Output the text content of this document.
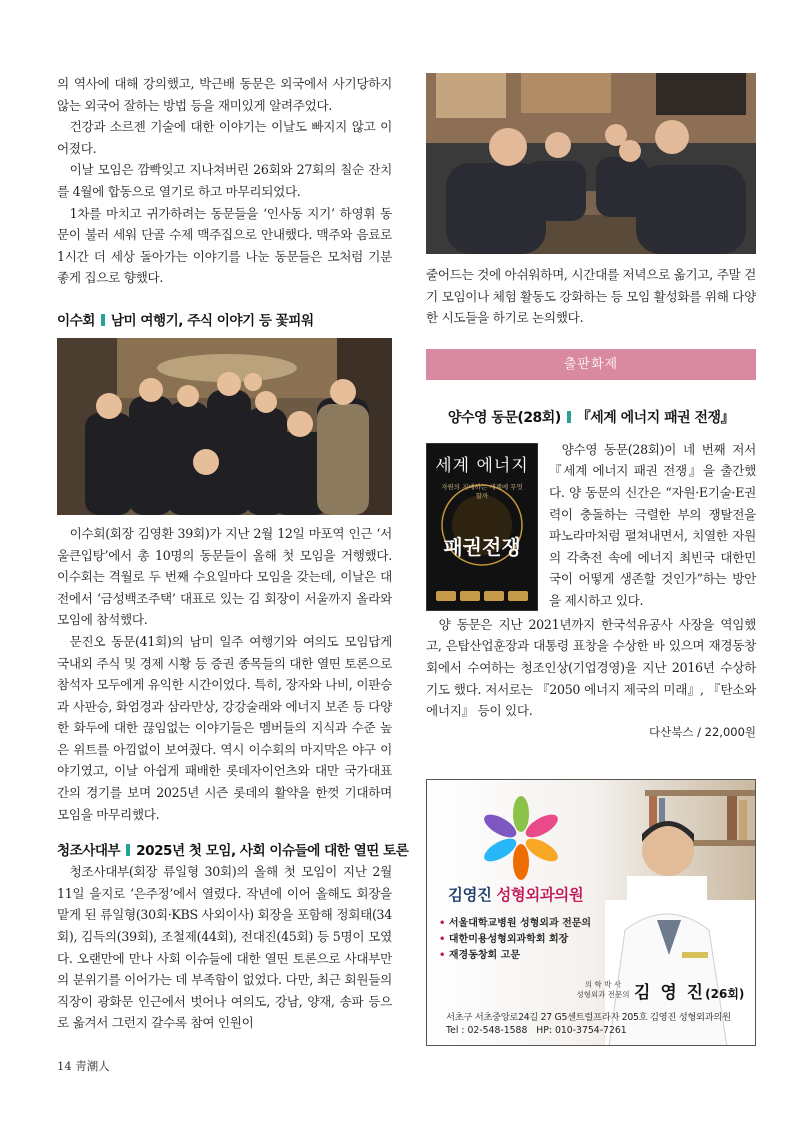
의 역사에 대해 강의했고, 박근배 동문은 외국에서 사기당하지 않는 외국어 잘하는 방법 등을 재미있게 알려주었다.

건강과 소르젠 기술에 대한 이야기는 이날도 빠지지 않고 이어졌다.

이날 모임은 깜빡잊고 지나쳐버린 26회와 27회의 칠순 잔치를 4월에 합동으로 열기로 하고 마무리되었다.

1차를 마치고 귀가하려는 동문들을 ‘인사동 지기’ 하영휘 동문이 불러 세워 단골 수제 맥주집으로 안내했다. 맥주와 음료로 1시간 더 세상 돌아가는 이야기를 나눈 동문들은 모처럼 기분 좋게 집으로 향했다.

이수회 남미 여행기, 주식 이야기 등 꽃피워

이수회(회장 김영환 39회)가 지난 2월 12일 마포역 인근 ‘서울큰입탕’에서 총 10명의 동문들이 올해 첫 모임을 거행했다. 이수회는 격월로 두 번째 수요일마다 모임을 갖는데, 이날은 대전에서 ‘금성백조주택’ 대표로 있는 김 회장이 서울까지 올라와 모임에 참석했다.

문진오 동문(41회)의 남미 일주 여행기와 여의도 모임답게 국내외 주식 및 경제 시황 등 증권 종목들의 대한 열띤 토론으로 참석자 모두에게 유익한 시간이었다. 특히, 장자와 나비, 이판승과 사판승, 화엄경과 삼라만상, 강강술래와 에너지 보존 등 다양한 화두에 대한 끊임없는 이야기들은 멤버들의 지식과 수준 높은 위트를 아낌없이 보여줬다. 역시 이수회의 마지막은 야구 이야기였고, 이날 아쉽게 패배한 롯데자이언츠와 대만 국가대표 간의 경기를 보며 2025년 시즌 롯데의 활약을 한껏 기대하며 모임을 마무리했다.

청조사대부 2025년 첫 모임, 사회 이슈들에 대한 열띤 토론

청조사대부(회장 류일형 30회)의 올해 첫 모임이 지난 2월 11일 을지로 ‘은주정’에서 열렸다. 작년에 이어 올해도 회장을 맡게 된 류일형(30회·KBS 사외이사) 회장을 포함해 정회태(34회), 김득의(39회), 조철제(44회), 전대진(45회) 등 5명이 모였다. 오랜만에 만나 사회 이슈들에 대한 열띤 토론으로 사대부만의 분위기를 이어가는 데 부족함이 없었다. 다만, 최근 회원들의 직장이 광화문 인근에서 벗어나 여의도, 강남, 양재, 송파 등으로 옮겨서 그런지 갈수록 참여 인원이

줄어드는 것에 아쉬워하며, 시간대를 저녁으로 옮기고, 주말 걷기 모임이나 체험 활동도 강화하는 등 모임 활성화를 위해 다양한 시도들을 하기로 논의했다.

출판화제
양수영 동문(28회) 『세계 에너지 패권 전쟁』
세계 에너지
자원의 지배하는 세계에 무엇 할까
패권전쟁

양수영 동문(28회)이 네 번째 저서 『세계 에너지 패권 전쟁』을 출간했다. 양 동문의 신간은 “자원·E기술·E권력이 충돌하는 극렬한 부의 쟁탈전을 파노라마처럼 펼쳐내면서, 치열한 자원의 각축전 속에 에너지 최빈국 대한민국이 어떻게 생존할 것인가”하는 방안을 제시하고 있다.

양 동문은 지난 2021년까지 한국석유공사 사장을 역임했고, 은탑산업훈장과 대통령 표창을 수상한 바 있으며 재경동창회에서 수여하는 청조인상(기업경영)을 지난 2016년 수상하기도 했다. 저서로는 『2050 에너지 제국의 미래』, 『탄소와 에너지』 등이 있다.

다산북스 / 22,000원

김영진 성형외과의원
• 서울대학교병원 성형외과 전문의
• 대한미용성형외과학회 회장
• 재경동창회 고문
의 학 박 사
성형외과 전문의 김 영 진(26회)
서초구 서초중앙로24길 27 G5센트럴프라자 205호 김영진 성형외과의원
Tel : 02-548-1588   HP: 010-3754-7261
14 靑潮人
